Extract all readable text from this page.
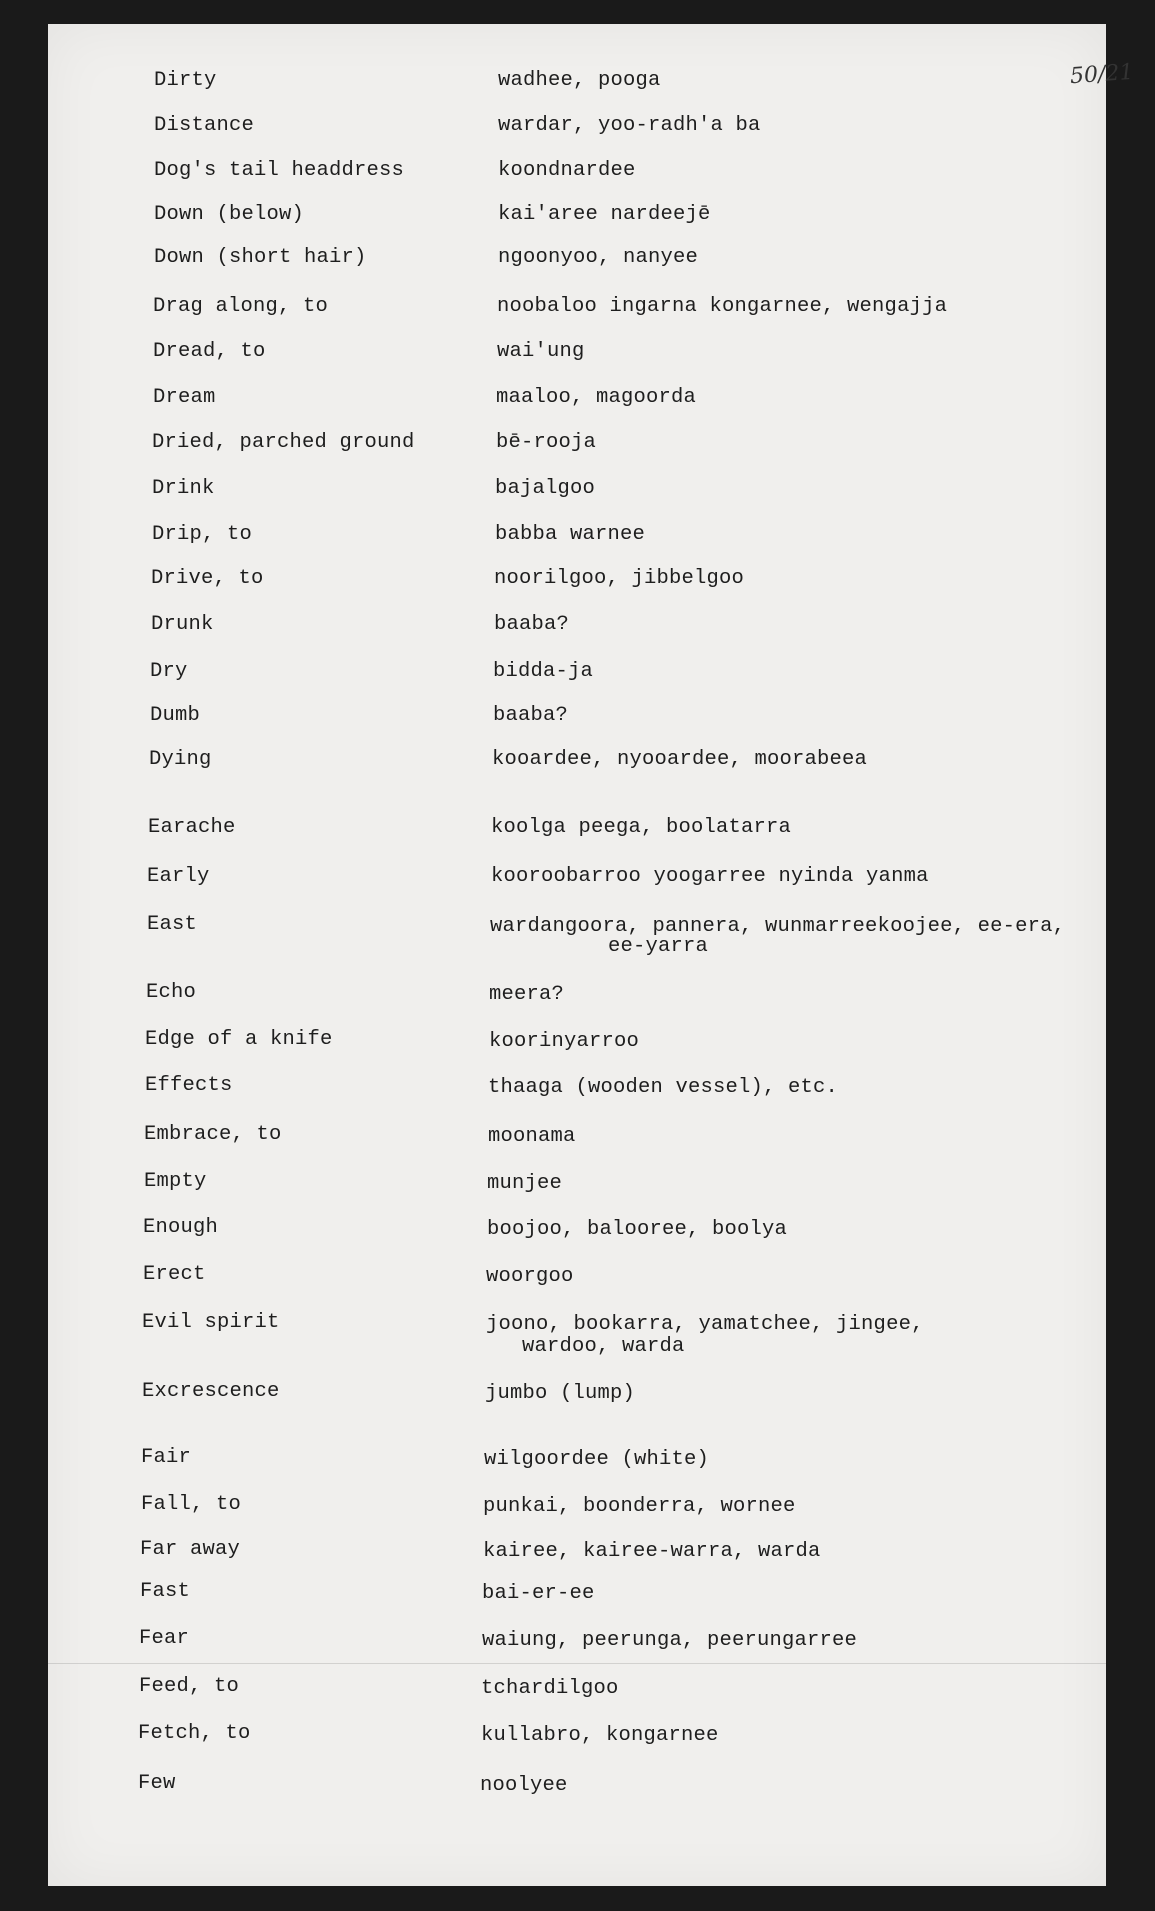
50/21
Dirty	wadhee, pooga
Distance	wardar, yoo-radh'a ba
Dog's tail headdress	koondnardee
Down (below)	kai'aree nardeejē
Down (short hair)	ngoonyoo, nanyee
Drag along, to	noobaloo ingarna kongarnee, wengajja
Dread, to	wai'ung
Dream	maaloo, magoorda
Dried, parched ground	bē-rooja
Drink	bajalgoo
Drip, to	babba warnee
Drive, to	noorilgoo, jibbelgoo
Drunk	baaba?
Dry	bidda-ja
Dumb	baaba?
Dying	kooardee, nyooardee, moorabeea
Earache	koolga peega, boolatarra
Early	kooroobarroo yoogarree nyinda yanma
East	wardangoora, pannera, wunmarreekoojee, ee-era,
ee-yarra
Echo	meera?
Edge of a knife	koorinyarroo
Effects	thaaga (wooden vessel), etc.
Embrace, to	moonama
Empty	munjee
Enough	boojoo, balooree, boolya
Erect	woorgoo
Evil spirit	joono, bookarra, yamatchee, jingee,
wardoo, warda
Excrescence	jumbo (lump)
Fair	wilgoordee (white)
Fall, to	punkai, boonderra, wornee
Far away	kairee, kairee-warra, warda
Fast	bai-er-ee
Fear	waiung, peerunga, peerungarree
Feed, to	tchardilgoo
Fetch, to	kullabro, kongarnee
Few	noolyee
